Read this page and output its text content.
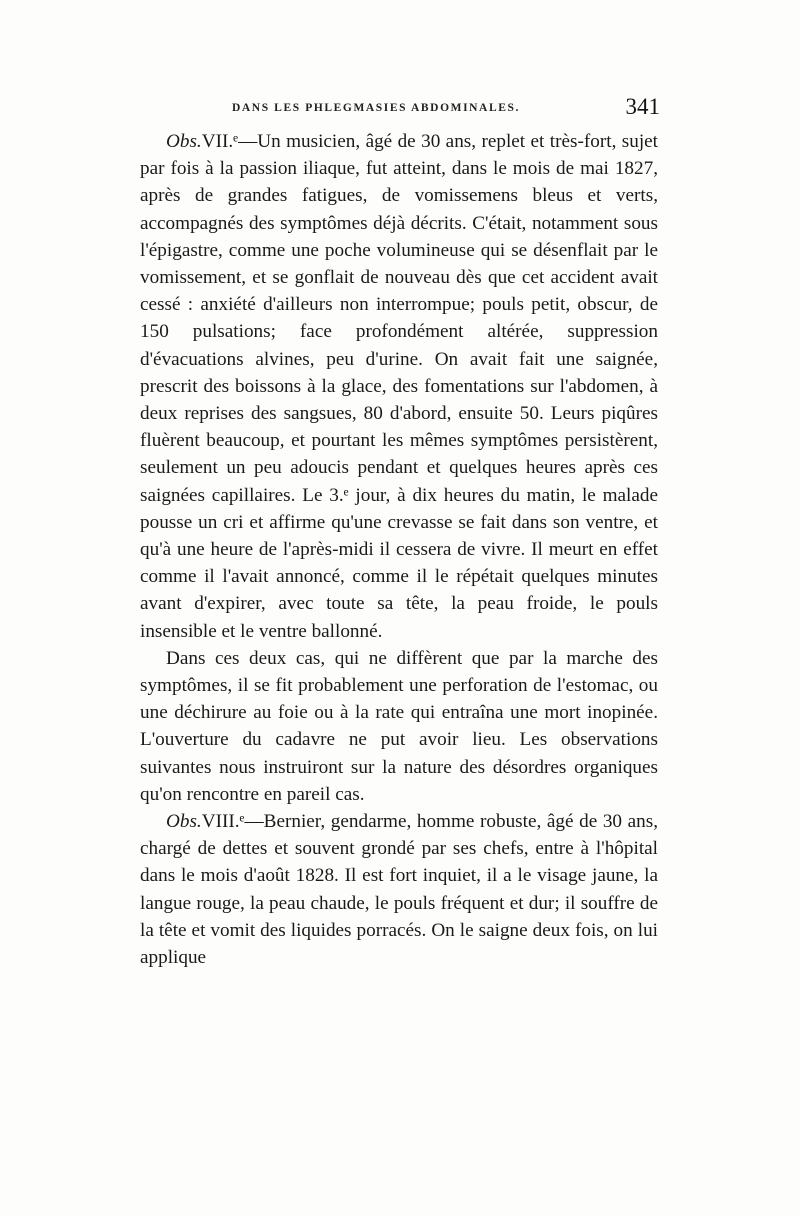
DANS LES PHLEGMASIES ABDOMINALES.	341

Obs.VII.ᵉ—Un musicien, âgé de 30 ans, replet et très-fort, sujet par fois à la passion iliaque, fut atteint, dans le mois de mai 1827, après de grandes fatigues, de vomissemens bleus et verts, accompagnés des symptômes déjà décrits. C'était, notamment sous l'épigastre, comme une poche volumineuse qui se désenflait par le vomissement, et se gonflait de nouveau dès que cet accident avait cessé : anxiété d'ailleurs non interrompue; pouls petit, obscur, de 150 pulsations; face profondément altérée, suppression d'évacuations alvines, peu d'urine. On avait fait une saignée, prescrit des boissons à la glace, des fomentations sur l'abdomen, à deux reprises des sangsues, 80 d'abord, ensuite 50. Leurs piqûres fluèrent beaucoup, et pourtant les mêmes symptômes persistèrent, seulement un peu adoucis pendant et quelques heures après ces saignées capillaires. Le 3.ᵉ jour, à dix heures du matin, le malade pousse un cri et affirme qu'une crevasse se fait dans son ventre, et qu'à une heure de l'après-midi il cessera de vivre. Il meurt en effet comme il l'avait annoncé, comme il le répétait quelques minutes avant d'expirer, avec toute sa tête, la peau froide, le pouls insensible et le ventre ballonné.

Dans ces deux cas, qui ne diffèrent que par la marche des symptômes, il se fit probablement une perforation de l'estomac, ou une déchirure au foie ou à la rate qui entraîna une mort inopinée. L'ouverture du cadavre ne put avoir lieu. Les observations suivantes nous instruiront sur la nature des désordres organiques qu'on rencontre en pareil cas.

Obs.VIII.ᵉ—Bernier, gendarme, homme robuste, âgé de 30 ans, chargé de dettes et souvent grondé par ses chefs, entre à l'hôpital dans le mois d'août 1828. Il est fort inquiet, il a le visage jaune, la langue rouge, la peau chaude, le pouls fréquent et dur; il souffre de la tête et vomit des liquides porracés. On le saigne deux fois, on lui applique
